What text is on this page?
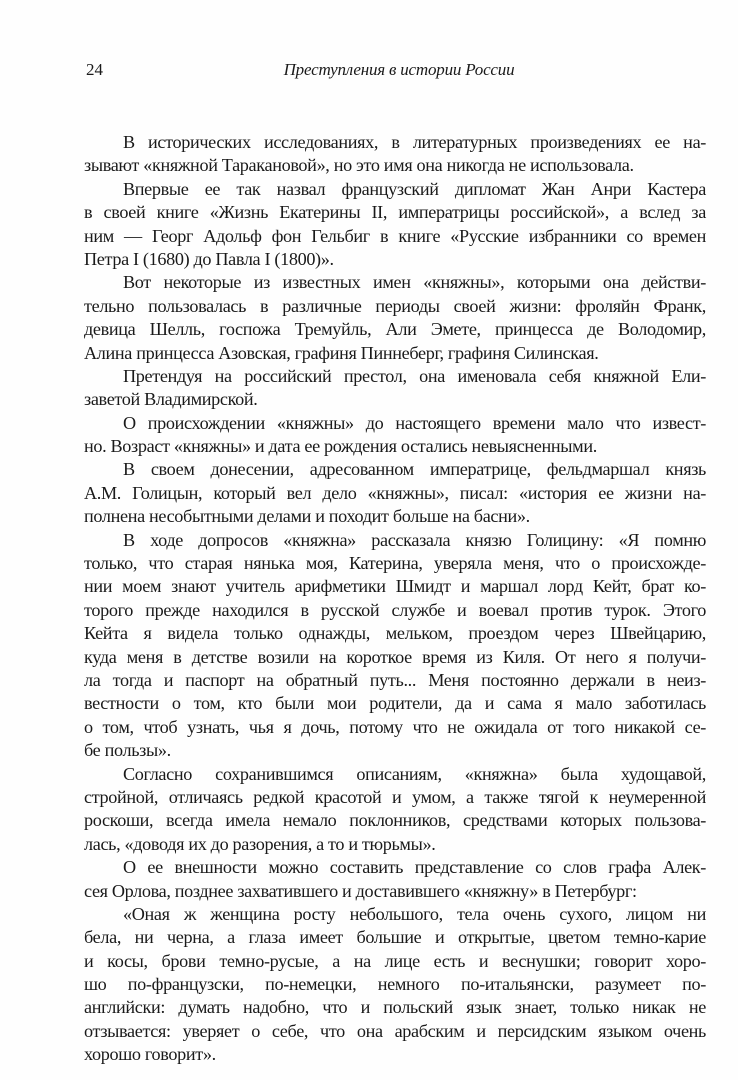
24	Преступления в истории России
В исторических исследованиях, в литературных произведениях ее на-
зывают «княжной Таракановой», но это имя она никогда не использовала.
Впервые ее так назвал французский дипломат Жан Анри Кастера
в своей книге «Жизнь Екатерины II, императрицы российской», а вслед за
ним — Георг Адольф фон Гельбиг в книге «Русские избранники со времен
Петра I (1680) до Павла I (1800)».
Вот некоторые из известных имен «княжны», которыми она действи-
тельно пользовалась в различные периоды своей жизни: фроляйн Франк,
девица Шелль, госпожа Тремуйль, Али Эмете, принцесса де Володомир,
Алина принцесса Азовская, графиня Пиннеберг, графиня Силинская.
Претендуя на российский престол, она именовала себя княжной Ели-
заветой Владимирской.
О происхождении «княжны» до настоящего времени мало что извест-
но. Возраст «княжны» и дата ее рождения остались невыясненными.
В своем донесении, адресованном императрице, фельдмаршал князь
А.М. Голицын, который вел дело «княжны», писал: «история ее жизни на-
полнена несобытными делами и походит больше на басни».
В ходе допросов «княжна» рассказала князю Голицину: «Я помню
только, что старая нянька моя, Катерина, уверяла меня, что о происхожде-
нии моем знают учитель арифметики Шмидт и маршал лорд Кейт, брат ко-
торого прежде находился в русской службе и воевал против турок. Этого
Кейта я видела только однажды, мельком, проездом через Швейцарию,
куда меня в детстве возили на короткое время из Киля. От него я получи-
ла тогда и паспорт на обратный путь... Меня постоянно держали в неиз-
вестности о том, кто были мои родители, да и сама я мало заботилась
о том, чтоб узнать, чья я дочь, потому что не ожидала от того никакой се-
бе пользы».
Согласно сохранившимся описаниям, «княжна» была худощавой,
стройной, отличаясь редкой красотой и умом, а также тягой к неумеренной
роскоши, всегда имела немало поклонников, средствами которых пользова-
лась, «доводя их до разорения, а то и тюрьмы».
О ее внешности можно составить представление со слов графа Алек-
сея Орлова, позднее захватившего и доставившего «княжну» в Петербург:
«Оная ж женщина росту небольшого, тела очень сухого, лицом ни
бела, ни черна, а глаза имеет большие и открытые, цветом темно-карие
и косы, брови темно-русые, а на лице есть и веснушки; говорит хоро-
шо по-французски, по-немецки, немного по-итальянски, разумеет по-
английски: думать надобно, что и польский язык знает, только никак не
отзывается: уверяет о себе, что она арабским и персидским языком очень
хорошо говорит».
